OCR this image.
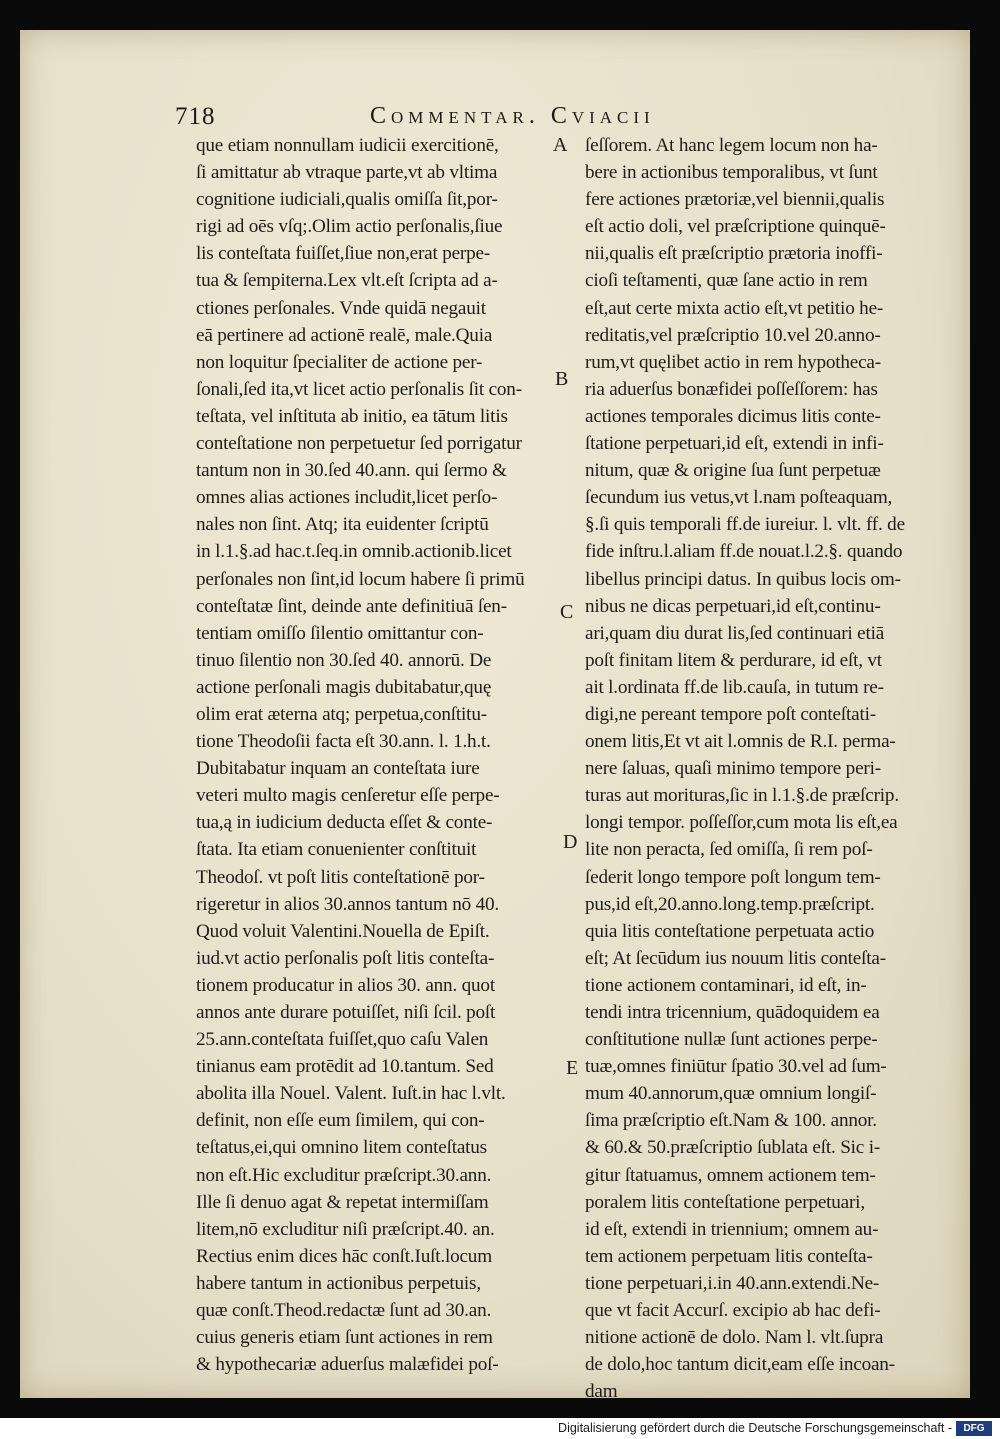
718	Commentar. Cviacii
que etiam nonnullam iudicii exercitionē,
ſi amittatur ab vtraque parte,vt ab vltima
cognitione iudiciali,qualis omiſſa ſit,por-
rigi ad oēs vſq;.Olim actio perſonalis,ſiue
lis conteſtata fuiſſet,ſiue non,erat perpe-
tua & ſempiterna.Lex vlt.eſt ſcripta ad a-
ctiones perſonales. Vnde quidā negauit
eā pertinere ad actionē realē, male.Quia
non loquitur ſpecialiter de actione per-
ſonali,ſed ita,vt licet actio perſonalis ſit con-
teſtata, vel inſtituta ab initio, ea tātum litis
conteſtatione non perpetuetur ſed porrigatur
tantum non in 30.ſed 40.ann. qui ſermo &
omnes alias actiones includit,licet perſo-
nales non ſint. Atq; ita euidenter ſcriptū
in l.1.§.ad hac.t.ſeq.in omnib.actionib.licet
perſonales non ſint,id locum habere ſi primū
conteſtatæ ſint, deinde ante definitiuā ſen-
tentiam omiſſo ſilentio omittantur con-
tinuo ſilentio non 30.ſed 40. annorū. De
actione perſonali magis dubitabatur,quę
olim erat æterna atq; perpetua,conſtitu-
tione Theodoſii facta eſt 30.ann. l. 1.h.t.
Dubitabatur inquam an conteſtata iure
veteri multo magis cenſeretur eſſe perpe-
tua,ą in iudicium deducta eſſet & conte-
ſtata. Ita etiam conuenienter conſtituit
Theodoſ. vt poſt litis conteſtationē por-
rigeretur in alios 30.annos tantum nō 40.
Quod voluit Valentini.Nouella de Epiſt.
iud.vt actio perſonalis poſt litis conteſta-
tionem producatur in alios 30. ann. quot
annos ante durare potuiſſet, niſi ſcil. poſt
25.ann.conteſtata fuiſſet,quo caſu Valen
tinianus eam protēdit ad 10.tantum. Sed
abolita illa Nouel. Valent. Iuſt.in hac l.vlt.
definit, non eſſe eum ſimilem, qui con-
teſtatus,ei,qui omnino litem conteſtatus
non eſt.Hic excluditur præſcript.30.ann.
Ille ſi denuo agat & repetat intermiſſam
litem,nō excluditur niſi præſcript.40. an.
Rectius enim dices hāc conſt.Iuſt.locum
habere tantum in actionibus perpetuis,
quæ conſt.Theod.redactæ ſunt ad 30.an.
cuius generis etiam ſunt actiones in rem
& hypothecariæ aduerſus malæfidei poſ-
ſeſſorem. At hanc legem locum non ha-
bere in actionibus temporalibus, vt ſunt
fere actiones prætoriæ,vel biennii,qualis
eſt actio doli, vel præſcriptione quinquē-
nii,qualis eſt præſcriptio prætoria inoffi-
cioſi teſtamenti, quæ ſane actio in rem
eſt,aut certe mixta actio eſt,vt petitio he-
reditatis,vel præſcriptio 10.vel 20.anno-
rum,vt quęlibet actio in rem hypotheca-
ria aduerſus bonæfidei poſſeſſorem: has
actiones temporales dicimus litis conte-
ſtatione perpetuari,id eſt, extendi in infi-
nitum, quæ & origine ſua ſunt perpetuæ
ſecundum ius vetus,vt l.nam poſteaquam,
§.ſi quis temporali ff.de iureiur. l. vlt. ff. de
fide inſtru.l.aliam ff.de nouat.l.2.§. quando
libellus principi datus. In quibus locis om-
nibus ne dicas perpetuari,id eſt,continu-
ari,quam diu durat lis,ſed continuari etiā
poſt finitam litem & perdurare, id eſt, vt
ait l.ordinata ff.de lib.cauſa, in tutum re-
digi,ne pereant tempore poſt conteſtati-
onem litis,Et vt ait l.omnis de R.I. perma-
nere ſaluas, quaſi minimo tempore peri-
turas aut morituras,ſic in l.1.§.de præſcrip.
longi tempor. poſſeſſor,cum mota lis eſt,ea
lite non peracta, ſed omiſſa, ſi rem poſ-
ſederit longo tempore poſt longum tem-
pus,id eſt,20.anno.long.temp.præſcript.
quia litis conteſtatione perpetuata actio
eſt; At ſecūdum ius nouum litis conteſta-
tione actionem contaminari, id eſt, in-
tendi intra tricennium, quādoquidem ea
conſtitutione nullæ ſunt actiones perpe-
tuæ,omnes finiūtur ſpatio 30.vel ad ſum-
mum 40.annorum,quæ omnium longiſ-
ſima præſcriptio eſt.Nam & 100. annor.
& 60.& 50.præſcriptio ſublata eſt. Sic i-
gitur ſtatuamus, omnem actionem tem-
poralem litis conteſtatione perpetuari,
id eſt, extendi in triennium; omnem au-
tem actionem perpetuam litis conteſta-
tione perpetuari,i.in 40.ann.extendi.Ne-
que vt facit Accurſ. excipio ab hac defi-
nitione actionē de dolo. Nam l. vlt.ſupra
de dolo,hoc tantum dicit,eam eſſe incoan-
dam
A
B
C
D
E
Digitalisierung gefördert durch die Deutsche Forschungsgemeinschaft -	DFG
